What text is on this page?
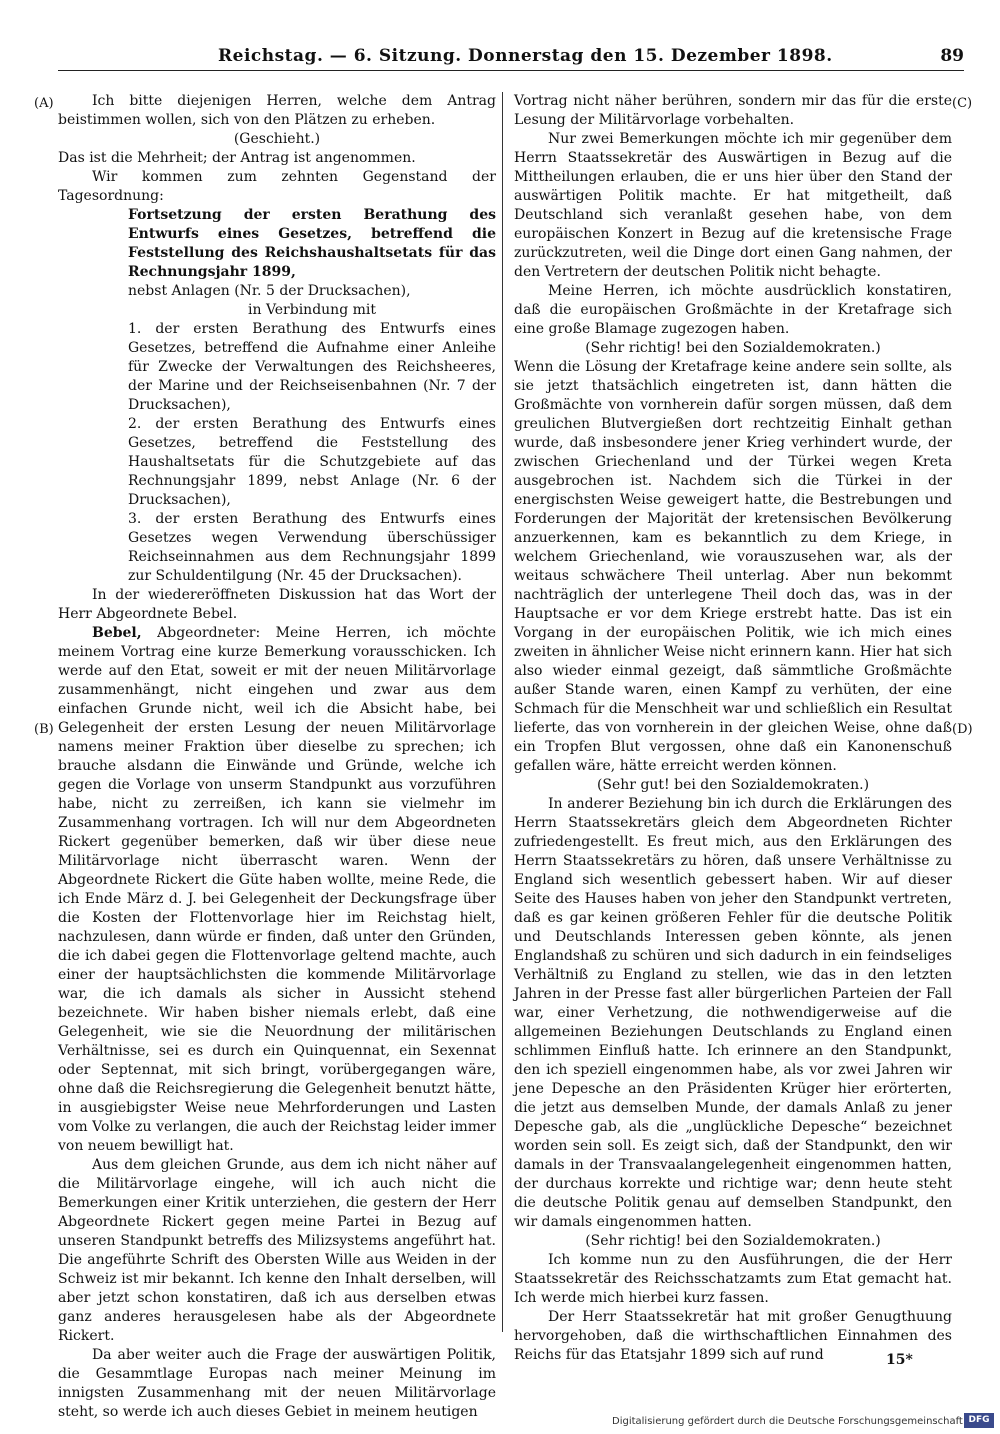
Reichstag. — 6. Sitzung. Donnerstag den 15. Dezember 1898.	89
(A)
(B)
(C)
(D)

Ich bitte diejenigen Herren, welche dem Antrag beistimmen wollen, sich von den Plätzen zu erheben.

(Geschieht.)

Das ist die Mehrheit; der Antrag ist angenommen.

Wir kommen zum zehnten Gegenstand der Tagesordnung:

Fortsetzung der ersten Berathung des Entwurfs eines Gesetzes, betreffend die Feststellung des Reichshaushaltsetats für das Rechnungsjahr 1899,

nebst Anlagen (Nr. 5 der Drucksachen),

in Verbindung mit

1. der ersten Berathung des Entwurfs eines Gesetzes, betreffend die Aufnahme einer Anleihe für Zwecke der Verwaltungen des Reichsheeres, der Marine und der Reichseisenbahnen (Nr. 7 der Drucksachen),

2. der ersten Berathung des Entwurfs eines Gesetzes, betreffend die Feststellung des Haushaltsetats für die Schutzgebiete auf das Rechnungsjahr 1899, nebst Anlage (Nr. 6 der Drucksachen),

3. der ersten Berathung des Entwurfs eines Gesetzes wegen Verwendung überschüssiger Reichseinnahmen aus dem Rechnungsjahr 1899 zur Schuldentilgung (Nr. 45 der Drucksachen).

In der wiedereröffneten Diskussion hat das Wort der Herr Abgeordnete Bebel.

Bebel, Abgeordneter: Meine Herren, ich möchte meinem Vortrag eine kurze Bemerkung vorausschicken. Ich werde auf den Etat, soweit er mit der neuen Militärvorlage zusammenhängt, nicht eingehen und zwar aus dem einfachen Grunde nicht, weil ich die Absicht habe, bei Gelegenheit der ersten Lesung der neuen Militärvorlage namens meiner Fraktion über dieselbe zu sprechen; ich brauche alsdann die Einwände und Gründe, welche ich gegen die Vorlage von unserm Standpunkt aus vorzuführen habe, nicht zu zerreißen, ich kann sie vielmehr im Zusammenhang vortragen. Ich will nur dem Abgeordneten Rickert gegenüber bemerken, daß wir über diese neue Militärvorlage nicht überrascht waren. Wenn der Abgeordnete Rickert die Güte haben wollte, meine Rede, die ich Ende März d. J. bei Gelegenheit der Deckungsfrage über die Kosten der Flottenvorlage hier im Reichstag hielt, nachzulesen, dann würde er finden, daß unter den Gründen, die ich dabei gegen die Flottenvorlage geltend machte, auch einer der hauptsächlichsten die kommende Militärvorlage war, die ich damals als sicher in Aussicht stehend bezeichnete. Wir haben bisher niemals erlebt, daß eine Gelegenheit, wie sie die Neuordnung der militärischen Verhältnisse, sei es durch ein Quinquennat, ein Sexennat oder Septennat, mit sich bringt, vorübergegangen wäre, ohne daß die Reichsregierung die Gelegenheit benutzt hätte, in ausgiebigster Weise neue Mehrforderungen und Lasten vom Volke zu verlangen, die auch der Reichstag leider immer von neuem bewilligt hat.

Aus dem gleichen Grunde, aus dem ich nicht näher auf die Militärvorlage eingehe, will ich auch nicht die Bemerkungen einer Kritik unterziehen, die gestern der Herr Abgeordnete Rickert gegen meine Partei in Bezug auf unseren Standpunkt betreffs des Milizsystems angeführt hat. Die angeführte Schrift des Obersten Wille aus Weiden in der Schweiz ist mir bekannt. Ich kenne den Inhalt derselben, will aber jetzt schon konstatiren, daß ich aus derselben etwas ganz anderes herausgelesen habe als der Abgeordnete Rickert.

Da aber weiter auch die Frage der auswärtigen Politik, die Gesammtlage Europas nach meiner Meinung im innigsten Zusammenhang mit der neuen Militärvorlage steht, so werde ich auch dieses Gebiet in meinem heutigen

Vortrag nicht näher berühren, sondern mir das für die erste Lesung der Militärvorlage vorbehalten.

Nur zwei Bemerkungen möchte ich mir gegenüber dem Herrn Staatssekretär des Auswärtigen in Bezug auf die Mittheilungen erlauben, die er uns hier über den Stand der auswärtigen Politik machte. Er hat mitgetheilt, daß Deutschland sich veranlaßt gesehen habe, von dem europäischen Konzert in Bezug auf die kretensische Frage zurückzutreten, weil die Dinge dort einen Gang nahmen, der den Vertretern der deutschen Politik nicht behagte.

Meine Herren, ich möchte ausdrücklich konstatiren, daß die europäischen Großmächte in der Kretafrage sich eine große Blamage zugezogen haben.

(Sehr richtig! bei den Sozialdemokraten.)

Wenn die Lösung der Kretafrage keine andere sein sollte, als sie jetzt thatsächlich eingetreten ist, dann hätten die Großmächte von vornherein dafür sorgen müssen, daß dem greulichen Blutvergießen dort rechtzeitig Einhalt gethan wurde, daß insbesondere jener Krieg verhindert wurde, der zwischen Griechenland und der Türkei wegen Kreta ausgebrochen ist. Nachdem sich die Türkei in der energischsten Weise geweigert hatte, die Bestrebungen und Forderungen der Majorität der kretensischen Bevölkerung anzuerkennen, kam es bekanntlich zu dem Kriege, in welchem Griechenland, wie vorauszusehen war, als der weitaus schwächere Theil unterlag. Aber nun bekommt nachträglich der unterlegene Theil doch das, was in der Hauptsache er vor dem Kriege erstrebt hatte. Das ist ein Vorgang in der europäischen Politik, wie ich mich eines zweiten in ähnlicher Weise nicht erinnern kann. Hier hat sich also wieder einmal gezeigt, daß sämmtliche Großmächte außer Stande waren, einen Kampf zu verhüten, der eine Schmach für die Menschheit war und schließlich ein Resultat lieferte, das von vornherein in der gleichen Weise, ohne daß ein Tropfen Blut vergossen, ohne daß ein Kanonenschuß gefallen wäre, hätte erreicht werden können.

(Sehr gut! bei den Sozialdemokraten.)

In anderer Beziehung bin ich durch die Erklärungen des Herrn Staatssekretärs gleich dem Abgeordneten Richter zufriedengestellt. Es freut mich, aus den Erklärungen des Herrn Staatssekretärs zu hören, daß unsere Verhältnisse zu England sich wesentlich gebessert haben. Wir auf dieser Seite des Hauses haben von jeher den Standpunkt vertreten, daß es gar keinen größeren Fehler für die deutsche Politik und Deutschlands Interessen geben könnte, als jenen Englandshaß zu schüren und sich dadurch in ein feindseliges Verhältniß zu England zu stellen, wie das in den letzten Jahren in der Presse fast aller bürgerlichen Parteien der Fall war, einer Verhetzung, die nothwendigerweise auf die allgemeinen Beziehungen Deutschlands zu England einen schlimmen Einfluß hatte. Ich erinnere an den Standpunkt, den ich speziell eingenommen habe, als vor zwei Jahren wir jene Depesche an den Präsidenten Krüger hier erörterten, die jetzt aus demselben Munde, der damals Anlaß zu jener Depesche gab, als die „unglückliche Depesche“ bezeichnet worden sein soll. Es zeigt sich, daß der Standpunkt, den wir damals in der Transvaalangelegenheit eingenommen hatten, der durchaus korrekte und richtige war; denn heute steht die deutsche Politik genau auf demselben Standpunkt, den wir damals eingenommen hatten.

(Sehr richtig! bei den Sozialdemokraten.)

Ich komme nun zu den Ausführungen, die der Herr Staatssekretär des Reichsschatzamts zum Etat gemacht hat. Ich werde mich hierbei kurz fassen.

Der Herr Staatssekretär hat mit großer Genugthuung hervorgehoben, daß die wirthschaftlichen Einnahmen des Reichs für das Etatsjahr 1899 sich auf rund	15*
Digitalisierung gefördert durch die Deutsche Forschungsgemeinschaft DFG
